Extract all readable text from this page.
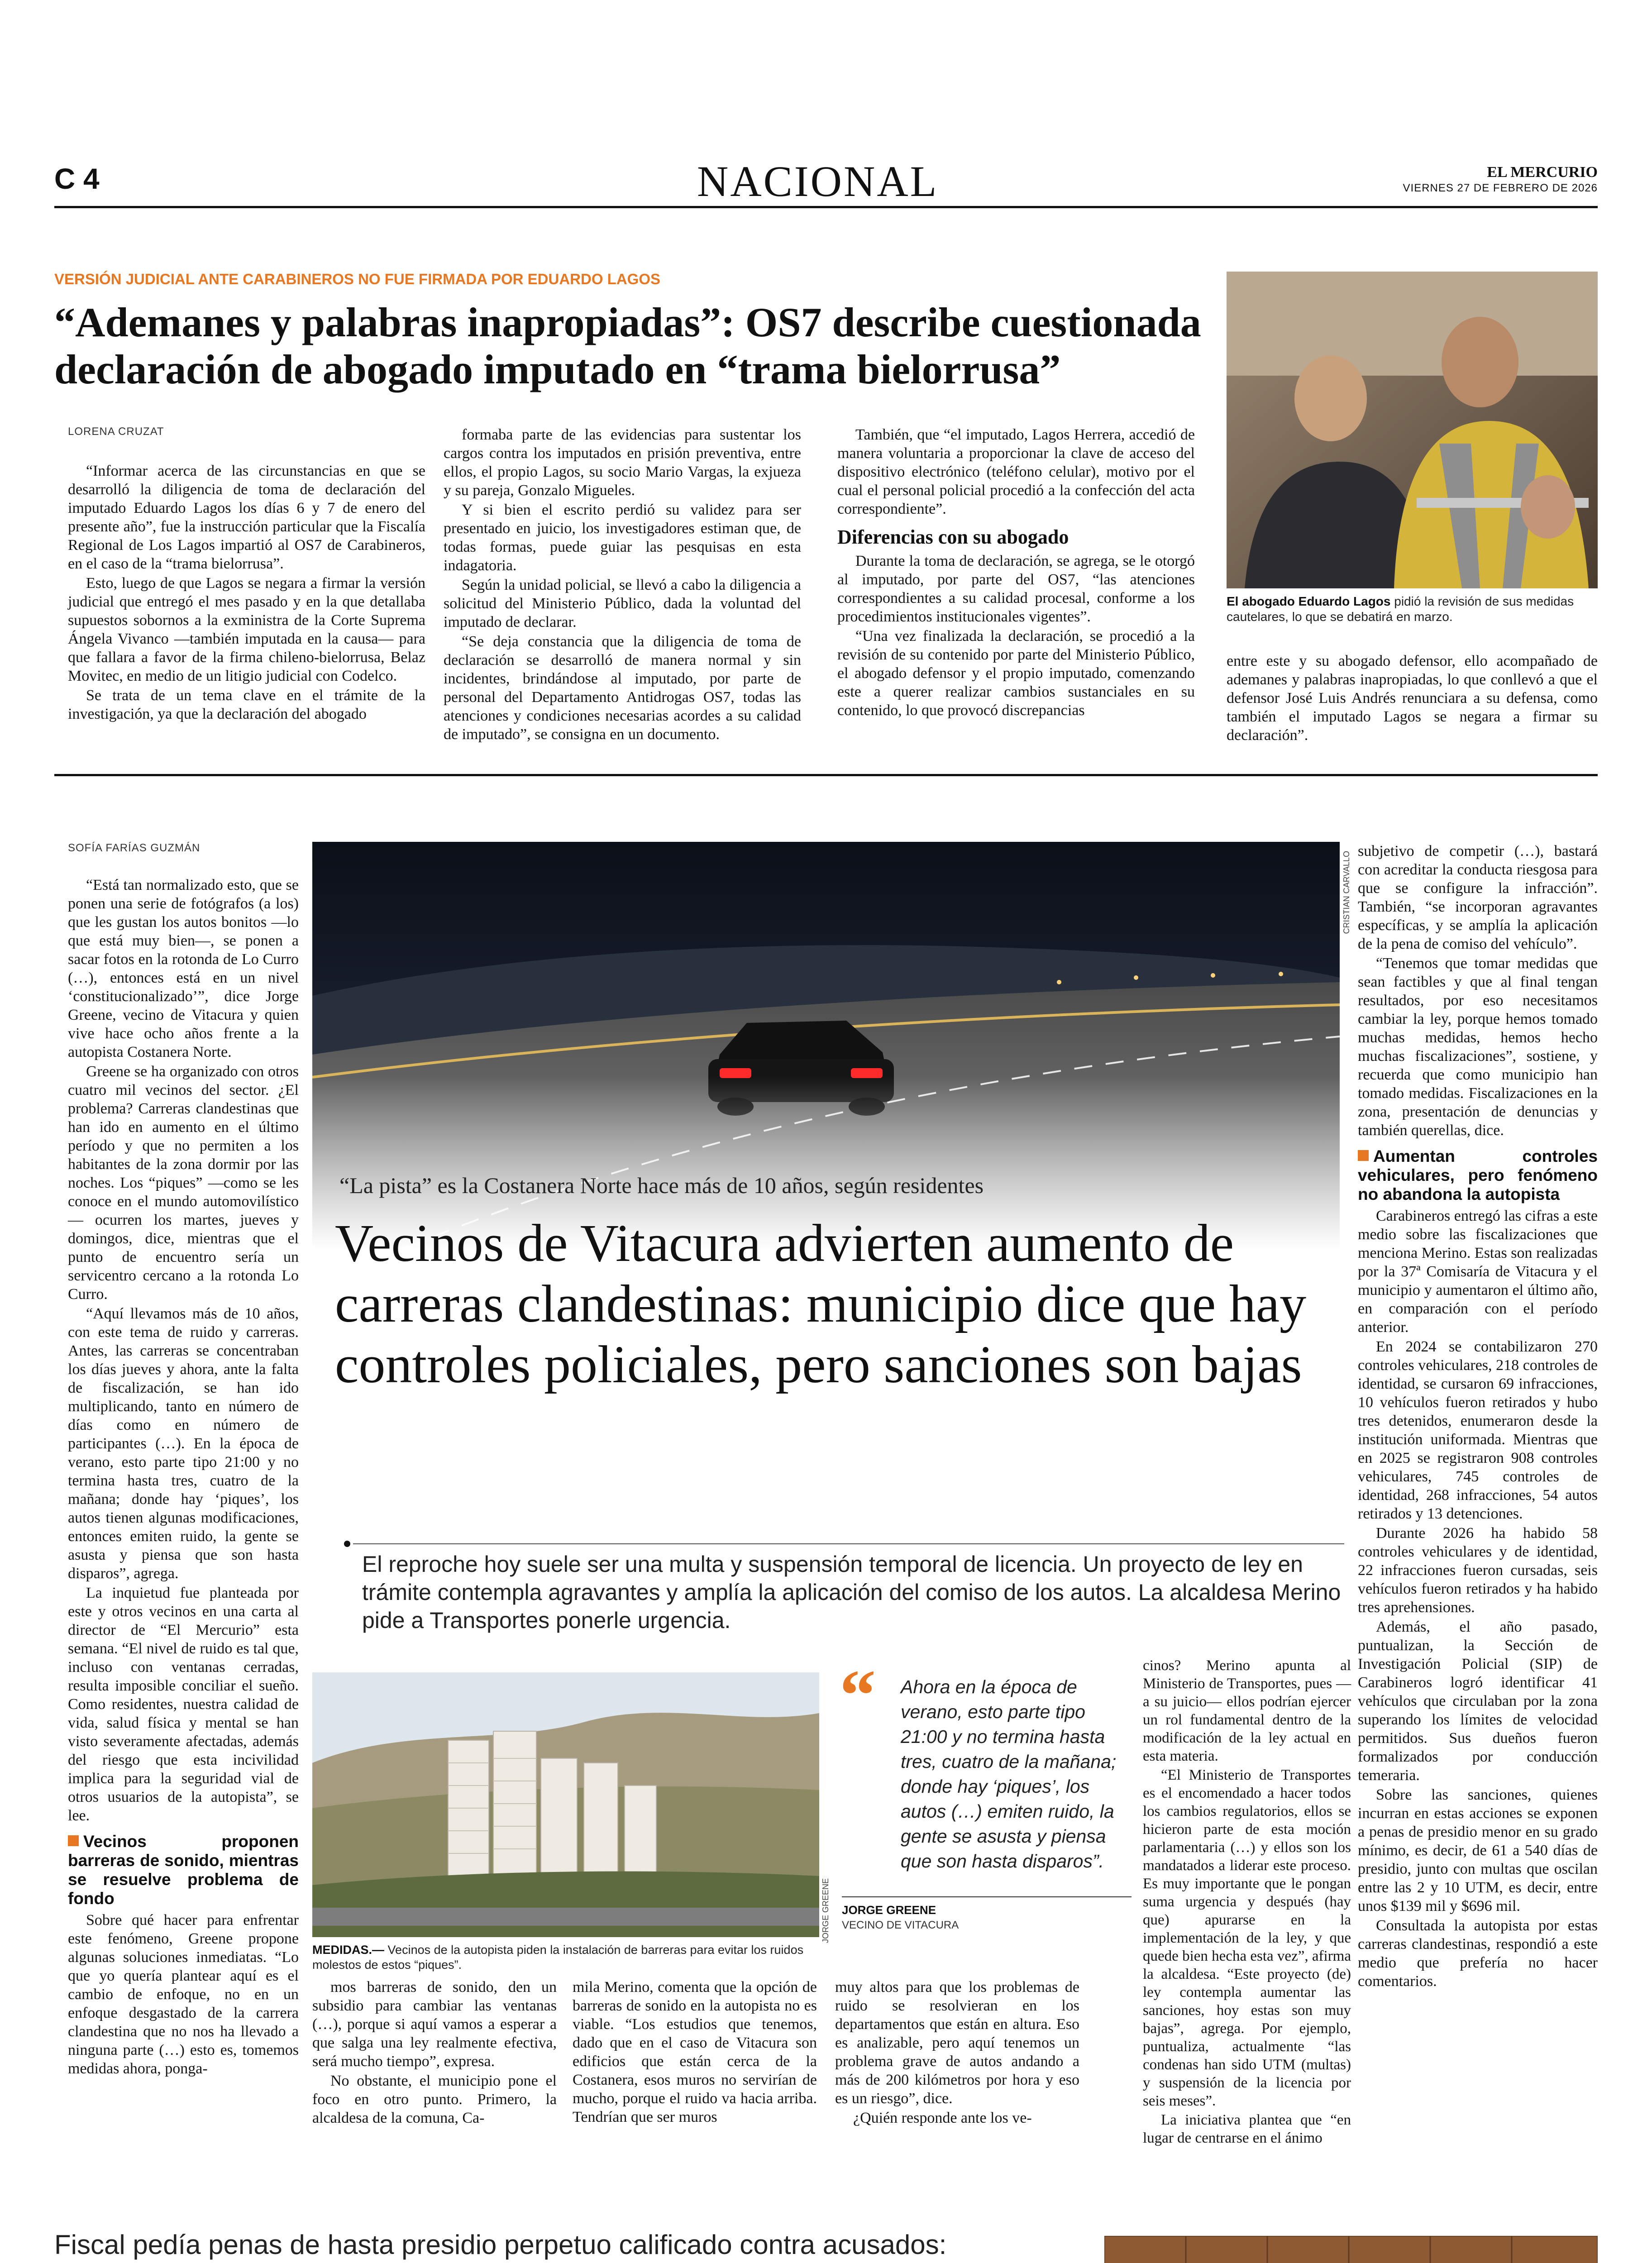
C 4	NACIONAL	EL MERCURIO
VIERNES 27 DE FEBRERO DE 2026
VERSIÓN JUDICIAL ANTE CARABINEROS NO FUE FIRMADA POR EDUARDO LAGOS
“Ademanes y palabras inapropiadas”: OS7 describe cuestionada declaración de abogado imputado en “trama bielorrusa”
LORENA CRUZAT

“Informar acerca de las circunstancias en que se desarrolló la diligencia de toma de declaración del imputado Eduardo Lagos los días 6 y 7 de enero del presente año”, fue la instrucción particular que la Fiscalía Regional de Los Lagos impartió al OS7 de Carabineros, en el caso de la “trama bielorrusa”.

Esto, luego de que Lagos se negara a firmar la versión judicial que entregó el mes pasado y en la que detallaba supuestos sobornos a la exministra de la Corte Suprema Ángela Vivanco —también imputada en la causa— para que fallara a favor de la firma chileno-bielorrusa, Belaz Movitec, en medio de un litigio judicial con Codelco.

Se trata de un tema clave en el trámite de la investigación, ya que la declaración del abogado

formaba parte de las evidencias para sustentar los cargos contra los imputados en prisión preventiva, entre ellos, el propio Lagos, su socio Mario Vargas, la exjueza y su pareja, Gonzalo Migueles.

Y si bien el escrito perdió su validez para ser presentado en juicio, los investigadores estiman que, de todas formas, puede guiar las pesquisas en esta indagatoria.

Según la unidad policial, se llevó a cabo la diligencia a solicitud del Ministerio Público, dada la voluntad del imputado de declarar.

“Se deja constancia que la diligencia de toma de declaración se desarrolló de manera normal y sin incidentes, brindándose al imputado, por parte de personal del Departamento Antidrogas OS7, todas las atenciones y condiciones necesarias acordes a su calidad de imputado”, se consigna en un documento.

También, que “el imputado, Lagos Herrera, accedió de manera voluntaria a proporcionar la clave de acceso del dispositivo electrónico (teléfono celular), motivo por el cual el personal policial procedió a la confección del acta correspondiente”.

Diferencias con su abogado

Durante la toma de declaración, se agrega, se le otorgó al imputado, por parte del OS7, “las atenciones correspondientes a su calidad procesal, conforme a los procedimientos institucionales vigentes”.

“Una vez finalizada la declaración, se procedió a la revisión de su contenido por parte del Ministerio Público, el abogado defensor y el propio imputado, comenzando este a querer realizar cambios sustanciales en su contenido, lo que provocó discrepancias

El abogado Eduardo Lagos pidió la revisión de sus medidas cautelares, lo que se debatirá en marzo.

entre este y su abogado defensor, ello acompañado de ademanes y palabras inapropiadas, lo que conllevó a que el defensor José Luis Andrés renunciara a su defensa, como también el imputado Lagos se negara a firmar su declaración”.

SOFÍA FARÍAS GUZMÁN

“Está tan normalizado esto, que se ponen una serie de fotógrafos (a los) que les gustan los autos bonitos —lo que está muy bien—, se ponen a sacar fotos en la rotonda de Lo Curro (…), entonces está en un nivel ‘constitucionalizado’”, dice Jorge Greene, vecino de Vitacura y quien vive hace ocho años frente a la autopista Costanera Norte.

Greene se ha organizado con otros cuatro mil vecinos del sector. ¿El problema? Carreras clandestinas que han ido en aumento en el último período y que no permiten a los habitantes de la zona dormir por las noches. Los “piques” —como se les conoce en el mundo automovilístico— ocurren los martes, jueves y domingos, dice, mientras que el punto de encuentro sería un servicentro cercano a la rotonda Lo Curro.

“Aquí llevamos más de 10 años, con este tema de ruido y carreras. Antes, las carreras se concentraban los días jueves y ahora, ante la falta de fiscalización, se han ido multiplicando, tanto en número de días como en número de participantes (…). En la época de verano, esto parte tipo 21:00 y no termina hasta tres, cuatro de la mañana; donde hay ‘piques’, los autos tienen algunas modificaciones, entonces emiten ruido, la gente se asusta y piensa que son hasta disparos”, agrega.

La inquietud fue planteada por este y otros vecinos en una carta al director de “El Mercurio” esta semana. “El nivel de ruido es tal que, incluso con ventanas cerradas, resulta imposible conciliar el sueño. Como residentes, nuestra calidad de vida, salud física y mental se han visto severamente afectadas, además del riesgo que esta incivilidad implica para la seguridad vial de otros usuarios de la autopista”, se lee.

Vecinos proponen barreras de sonido, mientras se resuelve problema de fondo

Sobre qué hacer para enfrentar este fenómeno, Greene propone algunas soluciones inmediatas. “Lo que yo quería plantear aquí es el cambio de enfoque, no en un enfoque desgastado de la carrera clandestina que no nos ha llevado a ninguna parte (…) esto es, tomemos medidas ahora, ponga-

CRISTIAN CARVALLO
“La pista” es la Costanera Norte hace más de 10 años, según residentes
Vecinos de Vitacura advierten aumento de carreras clandestinas: municipio dice que hay controles policiales, pero sanciones son bajas
El reproche hoy suele ser una multa y suspensión temporal de licencia. Un proyecto de ley en trámite contempla agravantes y amplía la aplicación del comiso de los autos. La alcaldesa Merino pide a Transportes ponerle urgencia.
JORGE GREENE
MEDIDAS.— Vecinos de la autopista piden la instalación de barreras para evitar los ruidos molestos de estos “piques”.
“ Ahora en la época de verano, esto parte tipo 21:00 y no termina hasta tres, cuatro de la mañana; donde hay ‘piques’, los autos (…) emiten ruido, la gente se asusta y piensa que son hasta disparos”.
JORGE GREENE
VECINO DE VITACURA

mos barreras de sonido, den un subsidio para cambiar las ventanas (…), porque si aquí vamos a esperar a que salga una ley realmente efectiva, será mucho tiempo”, expresa.

No obstante, el municipio pone el foco en otro punto. Primero, la alcaldesa de la comuna, Ca-

mila Merino, comenta que la opción de barreras de sonido en la autopista no es viable. “Los estudios que tenemos, dado que en el caso de Vitacura son edificios que están cerca de la Costanera, esos muros no servirían de mucho, porque el ruido va hacia arriba. Tendrían que ser muros

muy altos para que los problemas de ruido se resolvieran en los departamentos que están en altura. Eso es analizable, pero aquí tenemos un problema grave de autos andando a más de 200 kilómetros por hora y eso es un riesgo”, dice.

¿Quién responde ante los ve-

cinos? Merino apunta al Ministerio de Transportes, pues —a su juicio— ellos podrían ejercer un rol fundamental dentro de la modificación de la ley actual en esta materia.

“El Ministerio de Transportes es el encomendado a hacer todos los cambios regulatorios, ellos se hicieron parte de esta moción parlamentaria (…) y ellos son los mandatados a liderar este proceso. Es muy importante que le pongan suma urgencia y después (hay que) apurarse en la implementación de la ley, y que quede bien hecha esta vez”, afirma la alcaldesa. “Este proyecto (de) ley contempla aumentar las sanciones, hoy estas son muy bajas”, agrega. Por ejemplo, puntualiza, actualmente “las condenas han sido UTM (multas) y suspensión de la licencia por seis meses”.

La iniciativa plantea que “en lugar de centrarse en el ánimo

subjetivo de competir (…), bastará con acreditar la conducta riesgosa para que se configure la infracción”. También, “se incorporan agravantes específicas, y se amplía la aplicación de la pena de comiso del vehículo”.

“Tenemos que tomar medidas que sean factibles y que al final tengan resultados, por eso necesitamos cambiar la ley, porque hemos tomado muchas medidas, hemos hecho muchas fiscalizaciones”, sostiene, y recuerda que como municipio han tomado medidas. Fiscalizaciones en la zona, presentación de denuncias y también querellas, dice.

Aumentan controles vehiculares, pero fenómeno no abandona la autopista

Carabineros entregó las cifras a este medio sobre las fiscalizaciones que menciona Merino. Estas son realizadas por la 37ª Comisaría de Vitacura y el municipio y aumentaron el último año, en comparación con el período anterior.

En 2024 se contabilizaron 270 controles vehiculares, 218 controles de identidad, se cursaron 69 infracciones, 10 vehículos fueron retirados y hubo tres detenidos, enumeraron desde la institución uniformada. Mientras que en 2025 se registraron 908 controles vehiculares, 745 controles de identidad, 268 infracciones, 54 autos retirados y 13 detenciones.

Durante 2026 ha habido 58 controles vehiculares y de identidad, 22 infracciones fueron cursadas, seis vehículos fueron retirados y ha habido tres aprehensiones.

Además, el año pasado, puntualizan, la Sección de Investigación Policial (SIP) de Carabineros logró identificar 41 vehículos que circulaban por la zona superando los límites de velocidad permitidos. Sus dueños fueron formalizados por conducción temeraria.

Sobre las sanciones, quienes incurran en estas acciones se exponen a penas de presidio menor en su grado mínimo, es decir, de 61 a 540 días de presidio, junto con multas que oscilan entre las 2 y 10 UTM, es decir, entre unos $139 mil y $696 mil.

Consultada la autopista por estas carreras clandestinas, respondió a este medio que prefería no hacer comentarios.

Fiscal pedía penas de hasta presidio perpetuo calificado contra acusados:
